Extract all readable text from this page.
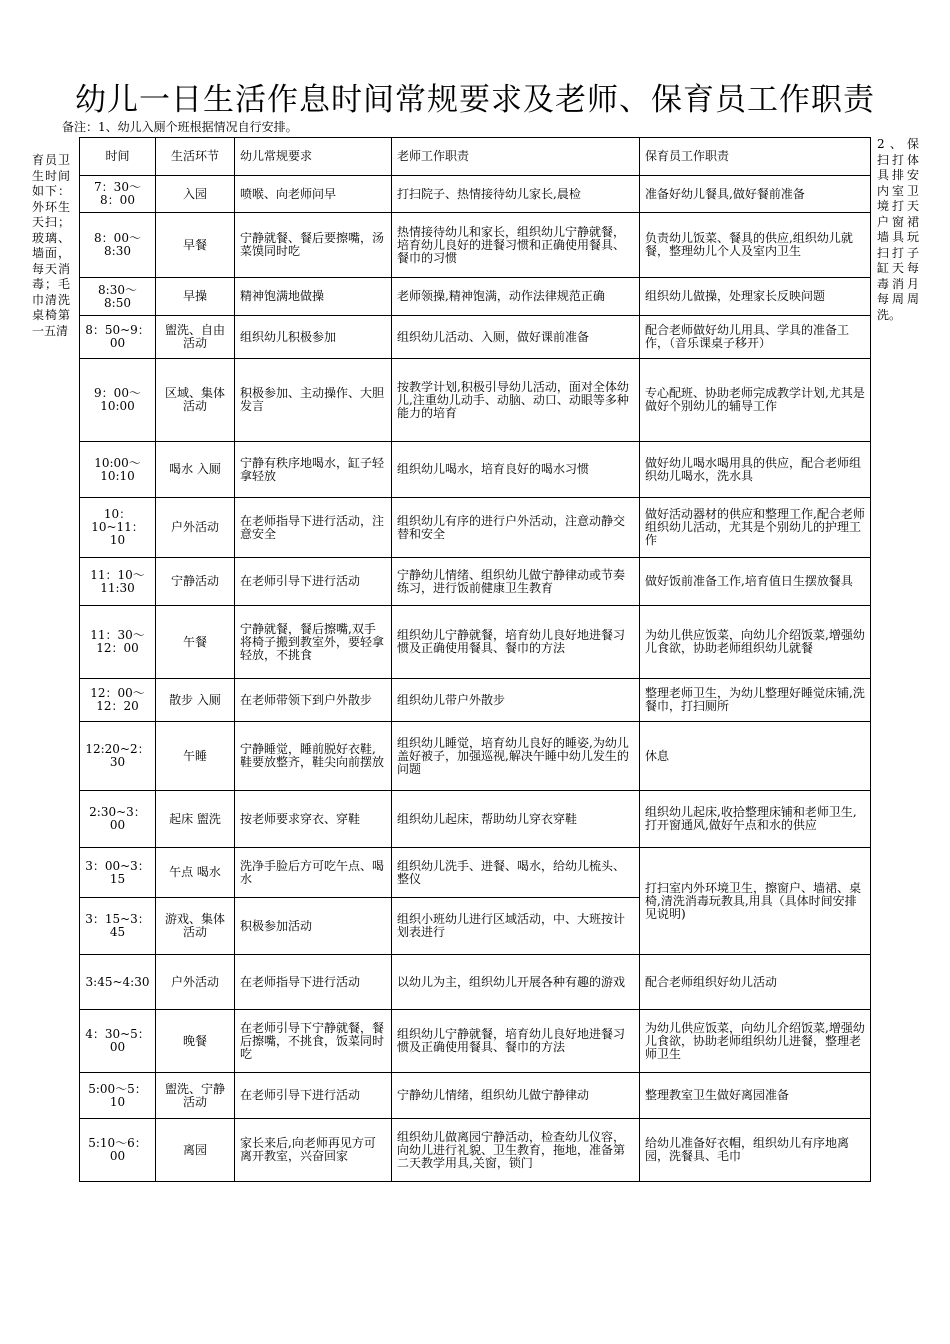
幼儿一日生活作息时间常规要求及老师、保育员工作职责
备注：1、幼儿入厕个班根据情况自行安排。
育员卫生时间如下：外环生天扫；玻璃、墙面，每天消毒；毛巾清洗桌椅第一五清
2、保扫打体具排安内室卫境打天户窗裙墙具玩扫打子缸天每毒消月每周周洗。
时间	生活环节	幼儿常规要求	老师工作职责	保育员工作职责
7：30～8：00	入园	喷喉、向老师问早	打扫院子、热情接待幼儿家长,晨检	准备好幼儿餐具,做好餐前准备
8：00～8:30	早餐	宁静就餐、餐后要擦嘴，汤菜馍同时吃	热情接待幼儿和家长，组织幼儿宁静就餐，培育幼儿良好的进餐习惯和正确使用餐具、餐巾的习惯	负责幼儿饭菜、餐具的供应,组织幼儿就餐，整理幼儿个人及室内卫生
8:30～8:50	早操	精神饱满地做操	老师领操,精神饱满，动作法律规范正确	组织幼儿做操，处理家长反映问题
8：50~9：00	盥洗、自由活动	组织幼儿积极参加	组织幼儿活动、入厕，做好课前准备	配合老师做好幼儿用具、学具的准备工作，（音乐课桌子移开）
9：00～10:00	区域、集体活动	积极参加、主动操作、大胆发言	按教学计划,积极引导幼儿活动，面对全体幼儿,注重幼儿动手、动脑、动口、动眼等多种能力的培育	专心配班、协助老师完成教学计划,尤其是做好个别幼儿的辅导工作
10:00～10:10	喝水 入厕	宁静有秩序地喝水，缸子轻拿轻放	组织幼儿喝水，培育良好的喝水习惯	做好幼儿喝水喝用具的供应，配合老师组织幼儿喝水，洗水具
10：10~11：10	户外活动	在老师指导下进行活动，注意安全	组织幼儿有序的进行户外活动，注意动静交替和安全	做好活动器材的供应和整理工作,配合老师组织幼儿活动，尤其是个别幼儿的护理工作
11：10～11:30	宁静活动	在老师引导下进行活动	宁静幼儿情绪、组织幼儿做宁静律动或节奏练习，进行饭前健康卫生教育	做好饭前准备工作,培育值日生摆放餐具
11：30～12：00	午餐	宁静就餐，餐后擦嘴,双手将椅子搬到教室外，要轻拿轻放，不挑食	组织幼儿宁静就餐，培育幼儿良好地进餐习惯及正确使用餐具、餐巾的方法	为幼儿供应饭菜，向幼儿介绍饭菜,增强幼儿食欲，协助老师组织幼儿就餐
12：00～12：20	散步 入厕	在老师带领下到户外散步	组织幼儿带户外散步	整理老师卫生，为幼儿整理好睡觉床铺,洗餐巾，打扫厕所
12:20~2：30	午睡	宁静睡觉，睡前脱好衣鞋,鞋要放整齐，鞋尖向前摆放	组织幼儿睡觉，培育幼儿良好的睡姿,为幼儿盖好被子，加强巡视,解决午睡中幼儿发生的问题	休息
2:30~3：00	起床 盥洗	按老师要求穿衣、穿鞋	组织幼儿起床，帮助幼儿穿衣穿鞋	组织幼儿起床,收拾整理床铺和老师卫生,打开窗通风,做好午点和水的供应
3：00~3：15	午点 喝水	洗净手脸后方可吃午点、喝水	组织幼儿洗手、进餐、喝水，给幼儿梳头、整仪	打扫室内外环境卫生，擦窗户、墙裙、桌椅,清洗消毒玩教具,用具（具体时间安排见说明)
3：15~3：45	游戏、集体活动	积极参加活动	组织小班幼儿进行区域活动，中、大班按计划表进行	
3:45~4:30	户外活动	在老师指导下进行活动	以幼儿为主，组织幼儿开展各种有趣的游戏	配合老师组织好幼儿活动
4：30~5：00	晚餐	在老师引导下宁静就餐，餐后擦嘴，不挑食，饭菜同时吃	组织幼儿宁静就餐，培育幼儿良好地进餐习惯及正确使用餐具、餐巾的方法	为幼儿供应饭菜，向幼儿介绍饭菜,增强幼儿食欲，协助老师组织幼儿进餐，整理老师卫生
5:00～5：10	盥洗、宁静活动	在老师引导下进行活动	宁静幼儿情绪，组织幼儿做宁静律动	整理教室卫生做好离园准备
5:10～6：00	离园	家长来后,向老师再见方可离开教室，兴奋回家	组织幼儿做离园宁静活动，检查幼儿仪容，向幼儿进行礼貌、卫生教育，拖地，准备第二天教学用具,关窗，锁门	给幼儿准备好衣帽，组织幼儿有序地离园，洗餐具、毛巾
